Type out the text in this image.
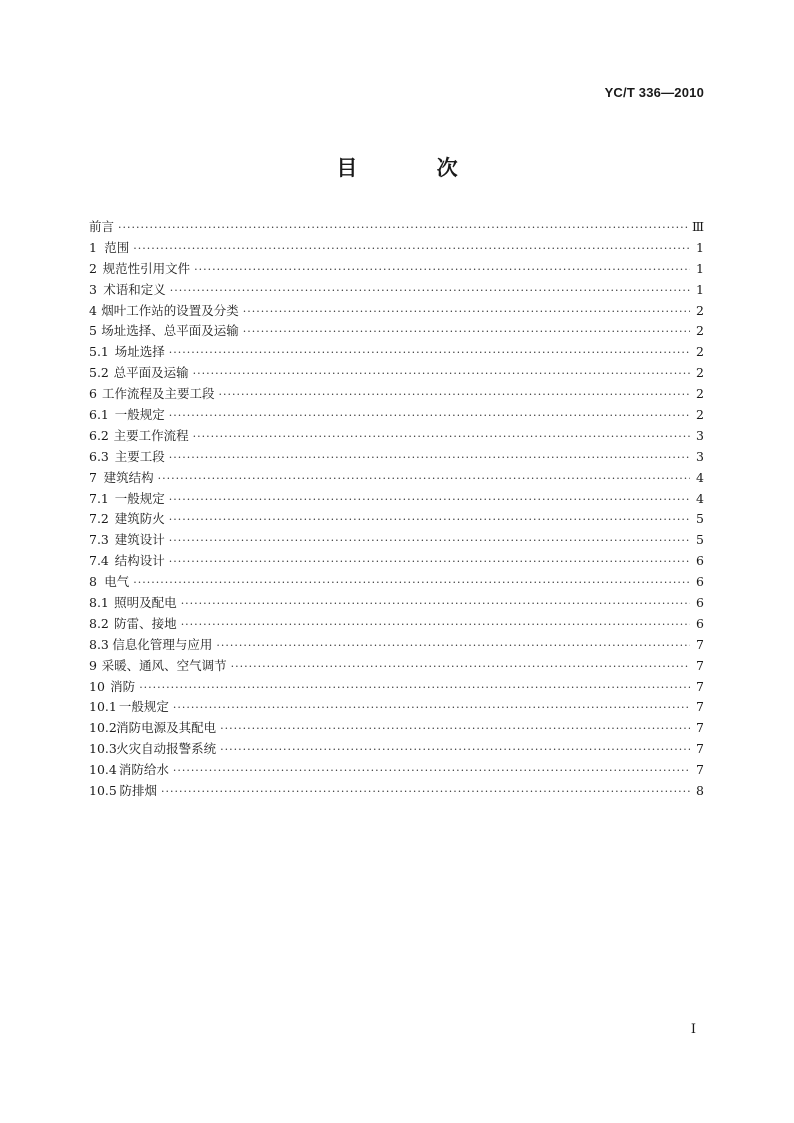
YC/T 336—2010
目 次
前言 ·····	Ⅲ
1 范围 ·····	1
2 规范性引用文件 ·····	1
3 术语和定义 ·····	1
4 烟叶工作站的设置及分类 ·····	2
5 场址选择、总平面及运输 ·····	2
5.1 场址选择 ·····	2
5.2 总平面及运输 ·····	2
6 工作流程及主要工段 ·····	2
6.1 一般规定 ·····	2
6.2 主要工作流程 ·····	3
6.3 主要工段 ·····	3
7 建筑结构 ·····	4
7.1 一般规定 ·····	4
7.2 建筑防火 ·····	5
7.3 建筑设计 ·····	5
7.4 结构设计 ·····	6
8 电气 ·····	6
8.1 照明及配电 ·····	6
8.2 防雷、接地 ·····	6
8.3 信息化管理与应用 ·····	7
9 采暖、通风、空气调节 ·····	7
10 消防 ·····	7
10.1 一般规定 ·····	7
10.2 消防电源及其配电 ·····	7
10.3 火灾自动报警系统 ·····	7
10.4 消防给水 ·····	7
10.5 防排烟 ·····	8
I
